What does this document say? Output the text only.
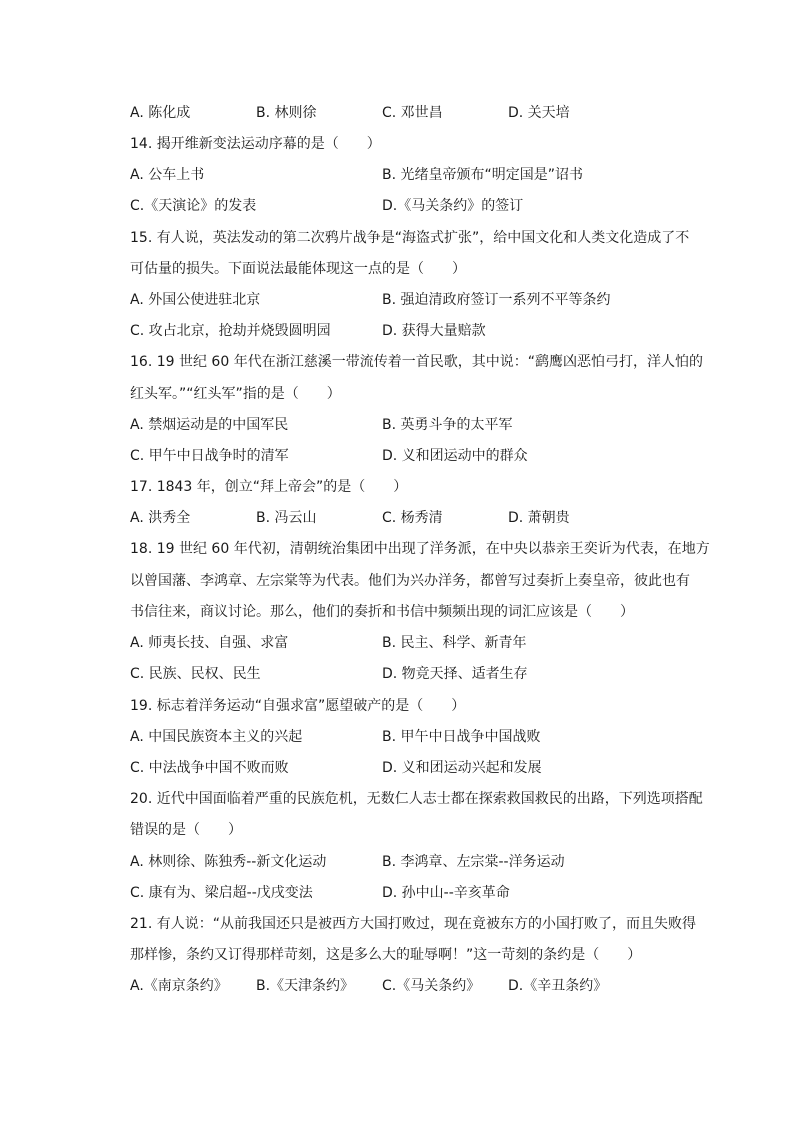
A. 陈化成	B. 林则徐	C. 邓世昌	D. 关天培
14. 揭开维新变法运动序幕的是（　　）
A. 公车上书	B. 光绪皇帝颁布“明定国是”诏书
C.《天演论》的发表	D.《马关条约》的签订
15. 有人说，英法发动的第二次鸦片战争是“海盗式扩张”，给中国文化和人类文化造成了不
可估量的损失。下面说法最能体现这一点的是（　　）
A. 外国公使进驻北京	B. 强迫清政府签订一系列不平等条约
C. 攻占北京，抢劫并烧毁圆明园	D. 获得大量赔款
16. 19 世纪 60 年代在浙江慈溪一带流传着一首民歌，其中说：“鹞鹰凶恶怕弓打，洋人怕的
红头军。”“红头军”指的是（　　）
A. 禁烟运动是的中国军民	B. 英勇斗争的太平军
C. 甲午中日战争时的清军	D. 义和团运动中的群众
17. 1843 年，创立“拜上帝会”的是（　　）
A. 洪秀全	B. 冯云山	C. 杨秀清	D. 萧朝贵
18. 19 世纪 60 年代初，清朝统治集团中出现了洋务派，在中央以恭亲王奕䜣为代表，在地方
以曾国藩、李鸿章、左宗棠等为代表。他们为兴办洋务，都曾写过奏折上奏皇帝，彼此也有
书信往来，商议讨论。那么，他们的奏折和书信中频频出现的词汇应该是（　　）
A. 师夷长技、自强、求富	B. 民主、科学、新青年
C. 民族、民权、民生	D. 物竞天择、适者生存
19. 标志着洋务运动“自强求富”愿望破产的是（　　）
A. 中国民族资本主义的兴起	B. 甲午中日战争中国战败
C. 中法战争中国不败而败	D. 义和团运动兴起和发展
20. 近代中国面临着严重的民族危机，无数仁人志士都在探索救国救民的出路，下列选项搭配
错误的是（　　）
A. 林则徐、陈独秀--新文化运动	B. 李鸿章、左宗棠--洋务运动
C. 康有为、梁启超--戊戌变法	D. 孙中山--辛亥革命
21. 有人说：“从前我国还只是被西方大国打败过，现在竟被东方的小国打败了，而且失败得
那样惨，条约又订得那样苛刻，这是多么大的耻辱啊！”这一苛刻的条约是（　　）
A.《南京条约》 B.《天津条约》 C.《马关条约》 D.《辛丑条约》
